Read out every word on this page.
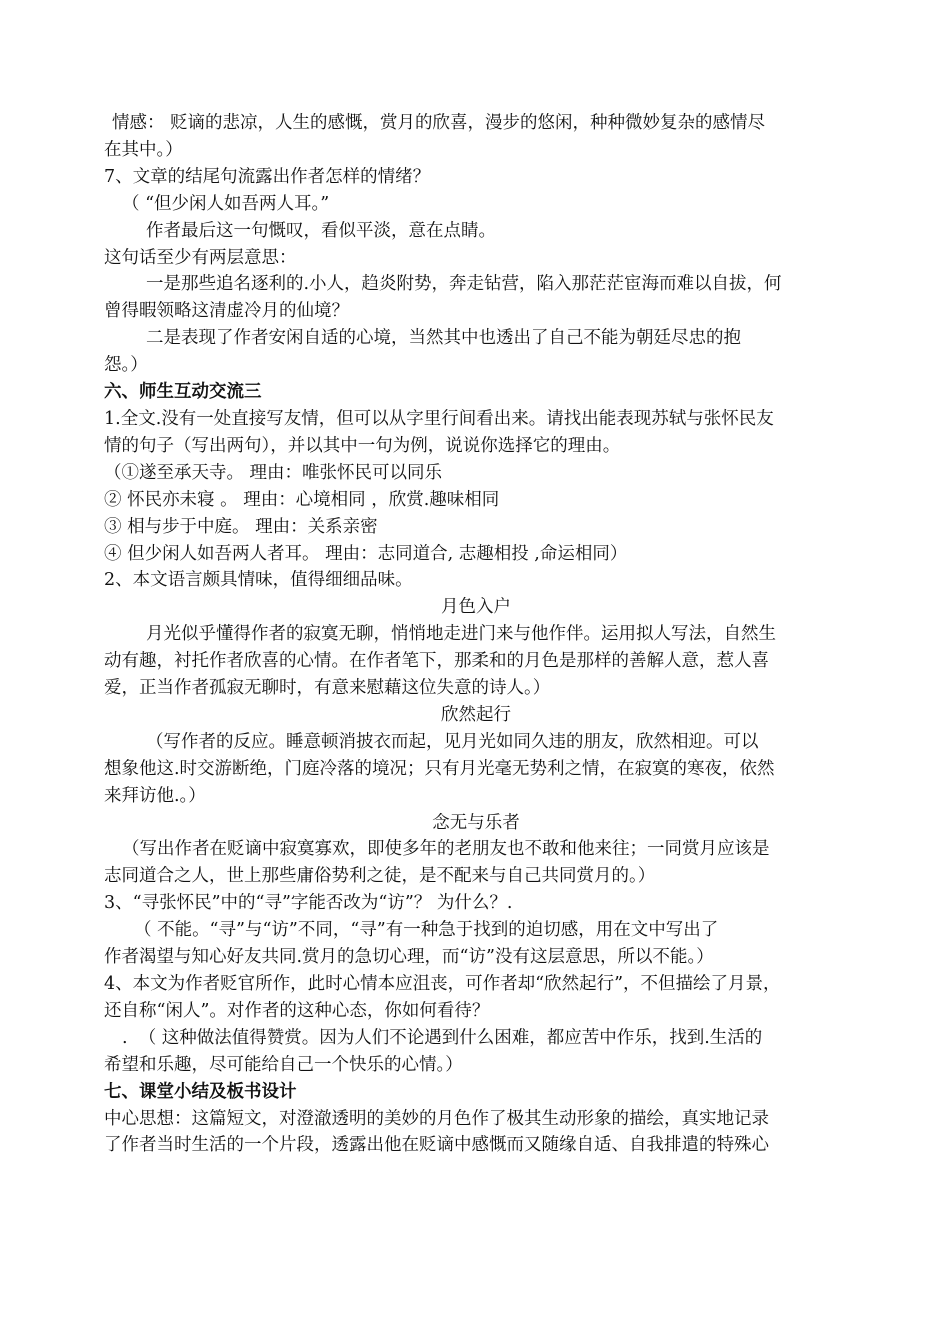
情感： 贬谪的悲凉，人生的感慨，赏月的欣喜，漫步的悠闲，种种微妙复杂的感情尽

在其中。）

7、文章的结尾句流露出作者怎样的情绪？

（ “但少闲人如吾两人耳。”

作者最后这一句慨叹，看似平淡，意在点睛。

这句话至少有两层意思：

一是那些追名逐利的.小人，趋炎附势，奔走钻营，陷入那茫茫宦海而难以自拔，何

曾得暇领略这清虚冷月的仙境？

二是表现了作者安闲自适的心境，当然其中也透出了自己不能为朝廷尽忠的抱

怨。）

六、师生互动交流三

1.全文.没有一处直接写友情，但可以从字里行间看出来。请找出能表现苏轼与张怀民友

情的句子（写出两句），并以其中一句为例，说说你选择它的理由。

（①遂至承天寺。 理由：唯张怀民可以同乐

② 怀民亦未寝 。 理由：心境相同 ，欣赏.趣味相同

③ 相与步于中庭。 理由：关系亲密

④ 但少闲人如吾两人者耳。 理由：志同道合, 志趣相投 ,命运相同）

2、本文语言颇具情味，值得细细品味。

月色入户

月光似乎懂得作者的寂寞无聊，悄悄地走进门来与他作伴。运用拟人写法，自然生

动有趣，衬托作者欣喜的心情。在作者笔下，那柔和的月色是那样的善解人意，惹人喜

爱，正当作者孤寂无聊时，有意来慰藉这位失意的诗人。）

欣然起行

（写作者的反应。睡意顿消披衣而起，见月光如同久违的朋友，欣然相迎。可以

想象他这.时交游断绝，门庭冷落的境况；只有月光毫无势利之情，在寂寞的寒夜，依然

来拜访他.。）

念无与乐者

（写出作者在贬谪中寂寞寡欢，即使多年的老朋友也不敢和他来往；一同赏月应该是

志同道合之人，世上那些庸俗势利之徒，是不配来与自己共同赏月的。）

3、“寻张怀民”中的“寻”字能否改为“访”？ 为什么？.

（ 不能。“寻”与“访”不同，“寻”有一种急于找到的迫切感，用在文中写出了

作者渴望与知心好友共同.赏月的急切心理，而“访”没有这层意思，所以不能。）

4、本文为作者贬官所作，此时心情本应沮丧，可作者却“欣然起行”，不但描绘了月景，

还自称“闲人”。对作者的这种心态，你如何看待？

.  （ 这种做法值得赞赏。因为人们不论遇到什么困难，都应苦中作乐，找到.生活的

希望和乐趣，尽可能给自己一个快乐的心情。）

七、课堂小结及板书设计

中心思想：这篇短文，对澄澈透明的美妙的月色作了极其生动形象的描绘，真实地记录

了作者当时生活的一个片段，透露出他在贬谪中感慨而又随缘自适、自我排遣的特殊心
